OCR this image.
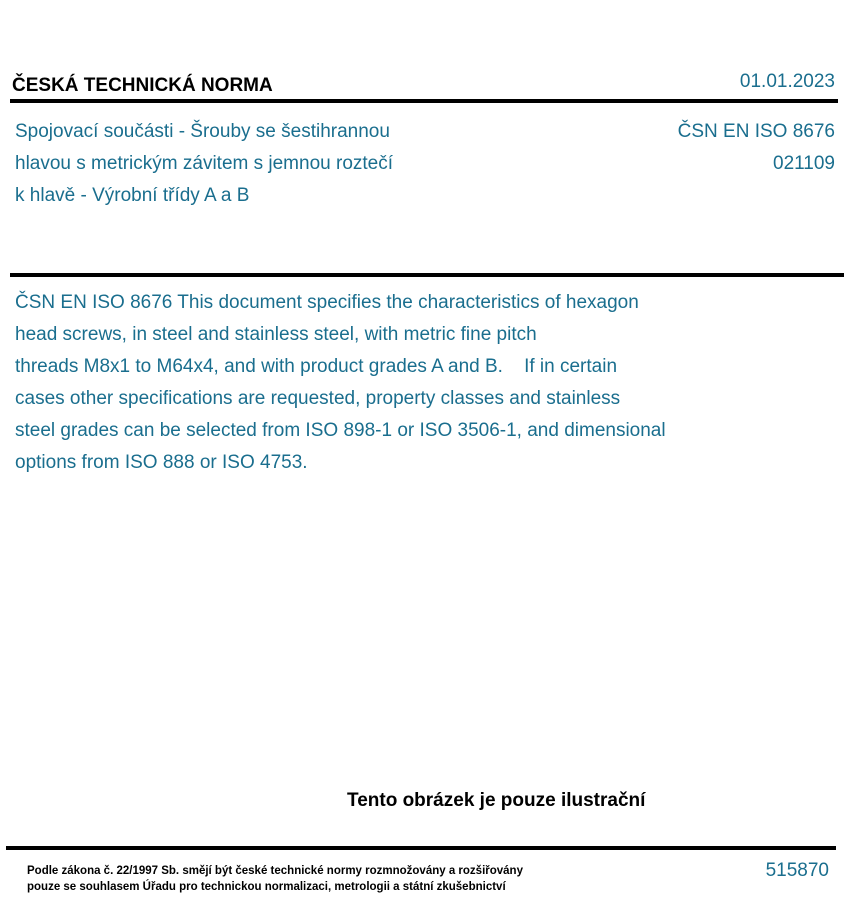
ČESKÁ TECHNICKÁ NORMA	01.01.2023
Spojovací součásti - Šrouby se šestihrannou
hlavou s metrickým závitem s jemnou roztečí
k hlavě - Výrobní třídy A a B
ČSN EN ISO 8676
021109
ČSN EN ISO 8676 This document specifies the characteristics of hexagon
head screws, in steel and stainless steel, with metric fine pitch
threads M8x1 to M64x4, and with product grades A and B.    If in certain
cases other specifications are requested, property classes and stainless
steel grades can be selected from ISO 898-1 or ISO 3506-1, and dimensional
options from ISO 888 or ISO 4753.
Tento obrázek je pouze ilustrační
Podle zákona č. 22/1997 Sb. smějí být české technické normy rozmnožovány a rozšiřovány
pouze se souhlasem Úřadu pro technickou normalizaci, metrologii a státní zkušebnictví
515870
